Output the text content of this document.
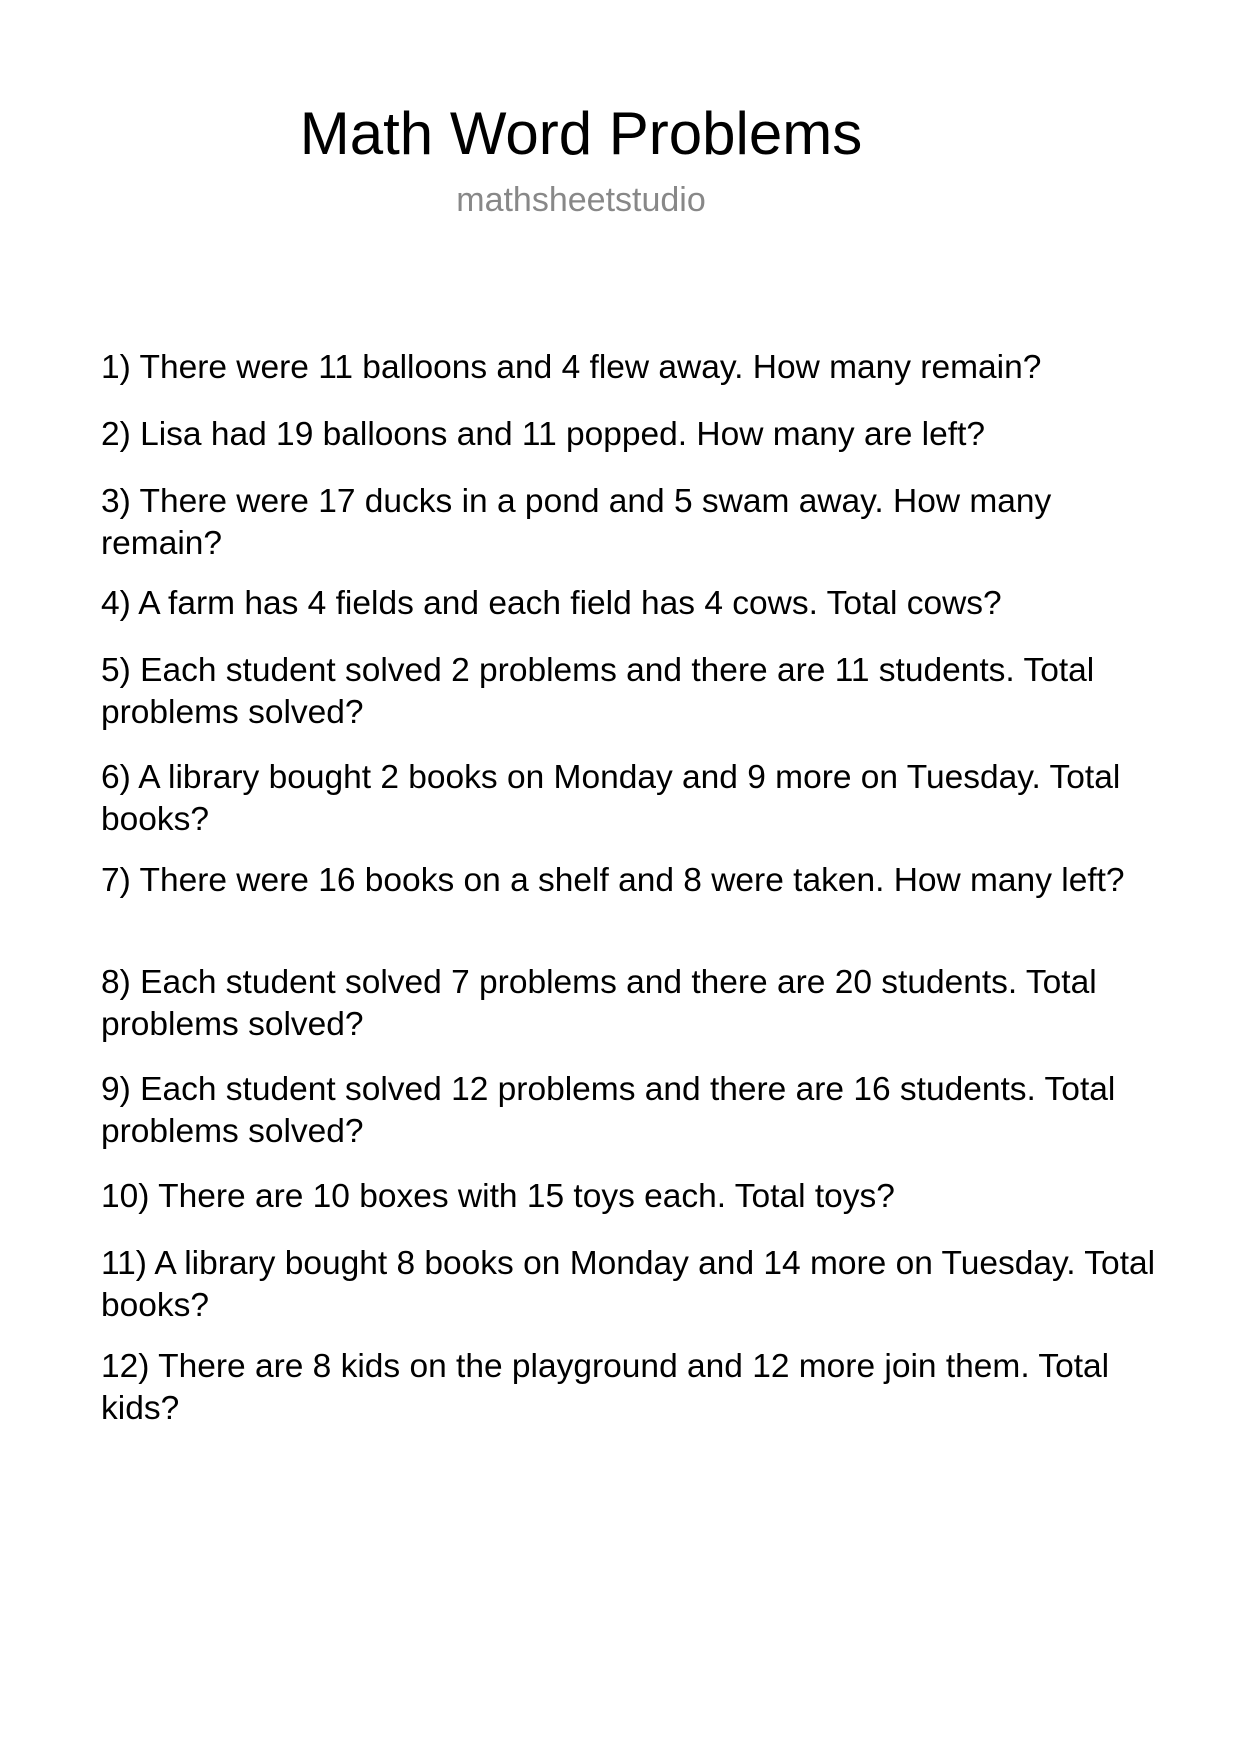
Math Word Problems
mathsheetstudio

1) There were 11 balloons and 4 flew away. How many remain?

2) Lisa had 19 balloons and 11 popped. How many are left?

3) There were 17 ducks in a pond and 5 swam away. How many remain?

4) A farm has 4 fields and each field has 4 cows. Total cows?

5) Each student solved 2 problems and there are 11 students. Total problems solved?

6) A library bought 2 books on Monday and 9 more on Tuesday. Total books?

7) There were 16 books on a shelf and 8 were taken. How many left?

8) Each student solved 7 problems and there are 20 students. Total problems solved?

9) Each student solved 12 problems and there are 16 students. Total problems solved?

10) There are 10 boxes with 15 toys each. Total toys?

11) A library bought 8 books on Monday and 14 more on Tuesday. Total books?

12) There are 8 kids on the playground and 12 more join them. Total kids?
